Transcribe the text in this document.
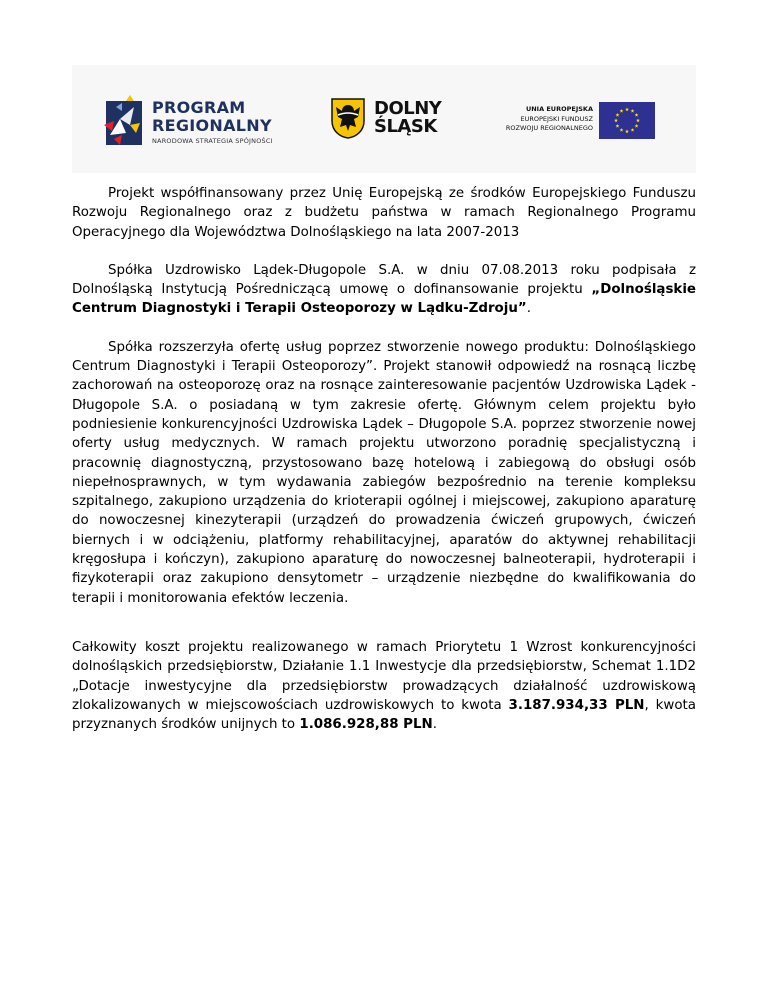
PROGRAM
REGIONALNY
NARODOWA STRATEGIA SPÓJNOŚCI
DOLNY
ŚLĄSK
UNIA EUROPEJSKA
EUROPEJSKI FUNDUSZ
ROZWOJU REGIONALNEGO

Projekt współfinansowany przez Unię Europejską ze środków Europejskiego Funduszu Rozwoju Regionalnego oraz z budżetu państwa w ramach Regionalnego Programu Operacyjnego dla Województwa Dolnośląskiego na lata 2007-2013

Spółka Uzdrowisko Lądek-Długopole S.A. w dniu 07.08.2013 roku podpisała z Dolnośląską Instytucją Pośredniczącą umowę o dofinansowanie projektu „Dolnośląskie Centrum Diagnostyki i Terapii Osteoporozy w Lądku-Zdroju”.

Spółka rozszerzyła ofertę usług poprzez stworzenie nowego produktu: Dolnośląskiego Centrum Diagnostyki i Terapii Osteoporozy”. Projekt stanowił odpowiedź na rosnącą liczbę zachorowań na osteoporozę oraz na rosnące zainteresowanie pacjentów Uzdrowiska Lądek - Długopole S.A. o posiadaną w tym zakresie ofertę. Głównym celem projektu było podniesienie konkurencyjności Uzdrowiska Lądek – Długopole S.A. poprzez stworzenie nowej oferty usług medycznych. W ramach projektu utworzono poradnię specjalistyczną i pracownię diagnostyczną, przystosowano bazę hotelową i zabiegową do obsługi osób niepełnosprawnych, w tym wydawania zabiegów bezpośrednio na terenie kompleksu szpitalnego, zakupiono urządzenia do krioterapii ogólnej i miejscowej, zakupiono aparaturę do nowoczesnej kinezyterapii (urządzeń do prowadzenia ćwiczeń grupowych, ćwiczeń biernych i w odciążeniu, platformy rehabilitacyjnej, aparatów do aktywnej rehabilitacji kręgosłupa i kończyn), zakupiono aparaturę do nowoczesnej balneoterapii, hydroterapii i fizykoterapii oraz zakupiono densytometr – urządzenie niezbędne do kwalifikowania do terapii i monitorowania efektów leczenia.

Całkowity koszt projektu realizowanego w ramach Priorytetu 1 Wzrost konkurencyjności dolnośląskich przedsiębiorstw, Działanie 1.1 Inwestycje dla przedsiębiorstw, Schemat 1.1D2 „Dotacje inwestycyjne dla przedsiębiorstw prowadzących działalność uzdrowiskową zlokalizowanych w miejscowościach uzdrowiskowych to kwota 3.187.934,33 PLN, kwota przyznanych środków unijnych to 1.086.928,88 PLN.
